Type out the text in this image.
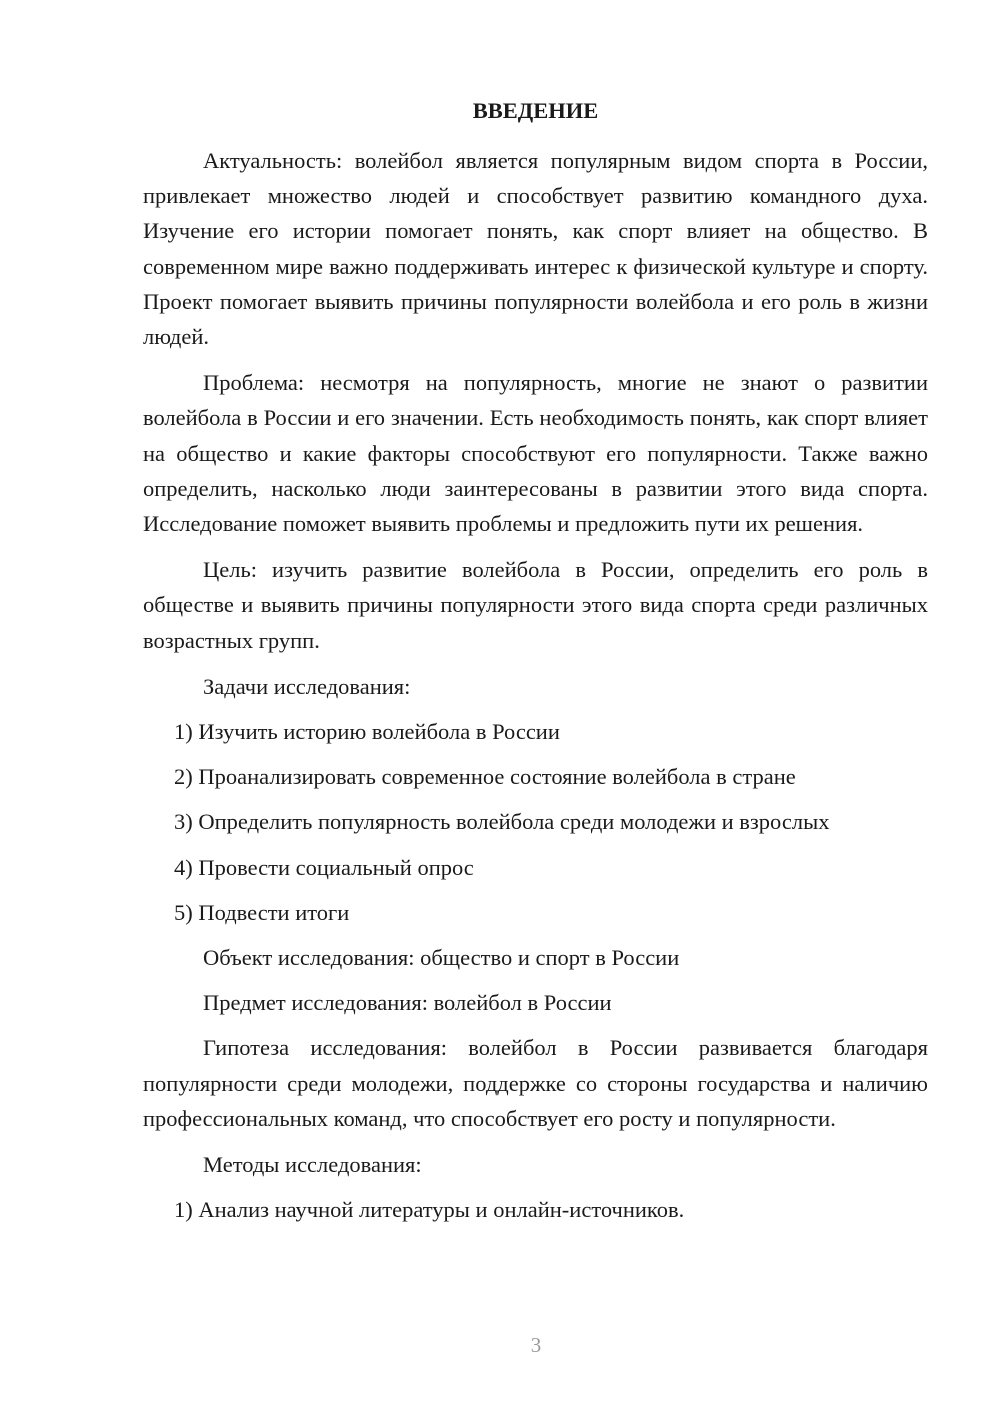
ВВЕДЕНИЕ

Актуальность: волейбол является популярным видом спорта в России, привлекает множество людей и способствует развитию командного духа. Изучение его истории помогает понять, как спорт влияет на общество. В современном мире важно поддерживать интерес к физической культуре и спорту. Проект помогает выявить причины популярности волейбола и его роль в жизни людей.

Проблема: несмотря на популярность, многие не знают о развитии волейбола в России и его значении. Есть необходимость понять, как спорт влияет на общество и какие факторы способствуют его популярности. Также важно определить, насколько люди заинтересованы в развитии этого вида спорта. Исследование поможет выявить проблемы и предложить пути их решения.

Цель: изучить развитие волейбола в России, определить его роль в обществе и выявить причины популярности этого вида спорта среди различных возрастных групп.

Задачи исследования:
1) Изучить историю волейбола в России
2) Проанализировать современное состояние волейбола в стране
3) Определить популярность волейбола среди молодежи и взрослых
4) Провести социальный опрос
5) Подвести итоги
Объект исследования: общество и спорт в России
Предмет исследования: волейбол в России

Гипотеза исследования: волейбол в России развивается благодаря популярности среди молодежи, поддержке со стороны государства и наличию профессиональных команд, что способствует его росту и популярности.

Методы исследования:
1) Анализ научной литературы и онлайн-источников.
3
